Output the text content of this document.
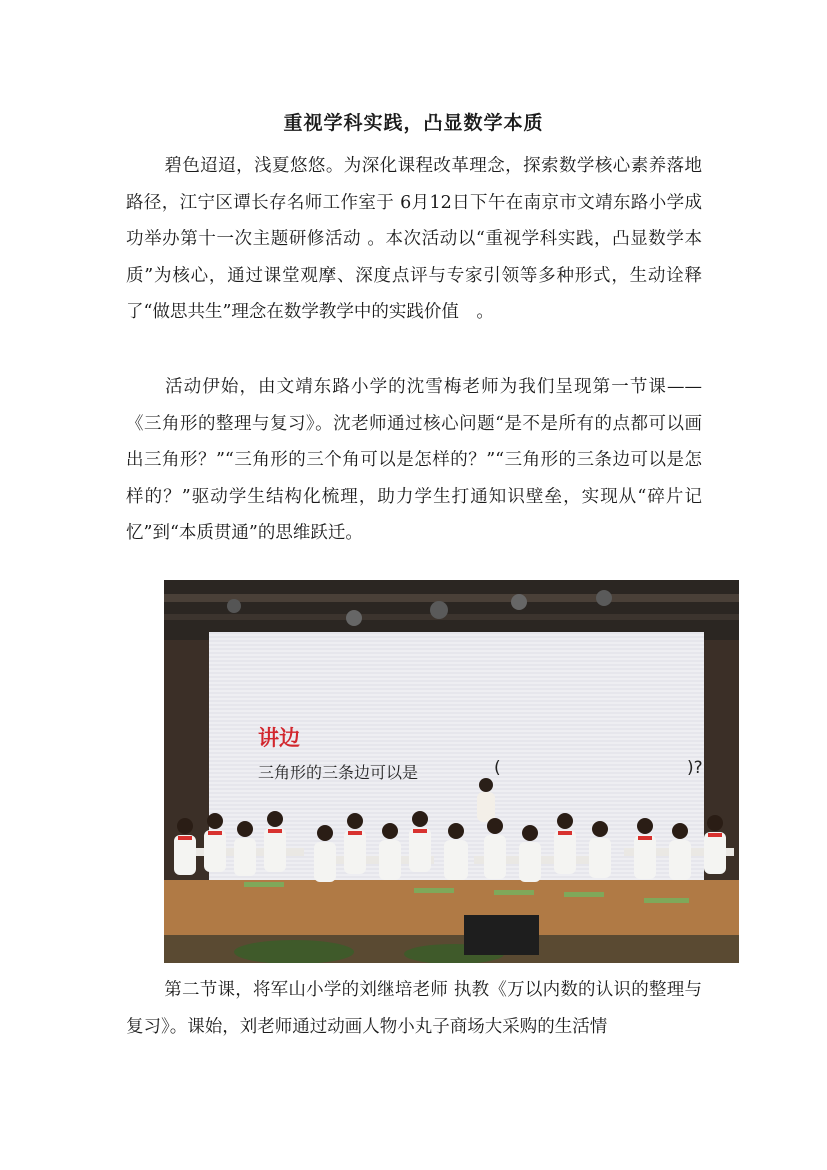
重视学科实践，凸显数学本质

碧色迢迢，浅夏悠悠。为深化课程改革理念，探索数学核心素养落地路径，江宁区谭长存名师工作室于 6月12日下午在南京市文靖东路小学成功举办第十一次主题研修活动 。本次活动以“重视学科实践，凸显数学本质”为核心，通过课堂观摩、深度点评与专家引领等多种形式，生动诠释了“做思共生”理念在数学教学中的实践价值　。

活动伊始，由文靖东路小学的沈雪梅老师为我们呈现第一节课——《三角形的整理与复习》。沈老师通过核心问题“是不是所有的点都可以画出三角形？”“三角形的三个角可以是怎样的？”“三角形的三条边可以是怎样的？”驱动学生结构化梳理，助力学生打通知识壁垒，实现从“碎片记忆”到“本质贯通”的思维跃迁。

讲边
三角形的三条边可以是	(	)?

第二节课，将军山小学的刘继培老师 执教《万以内数的认识的整理与复习》。课始，刘老师通过动画人物小丸子商场大采购的生活情
